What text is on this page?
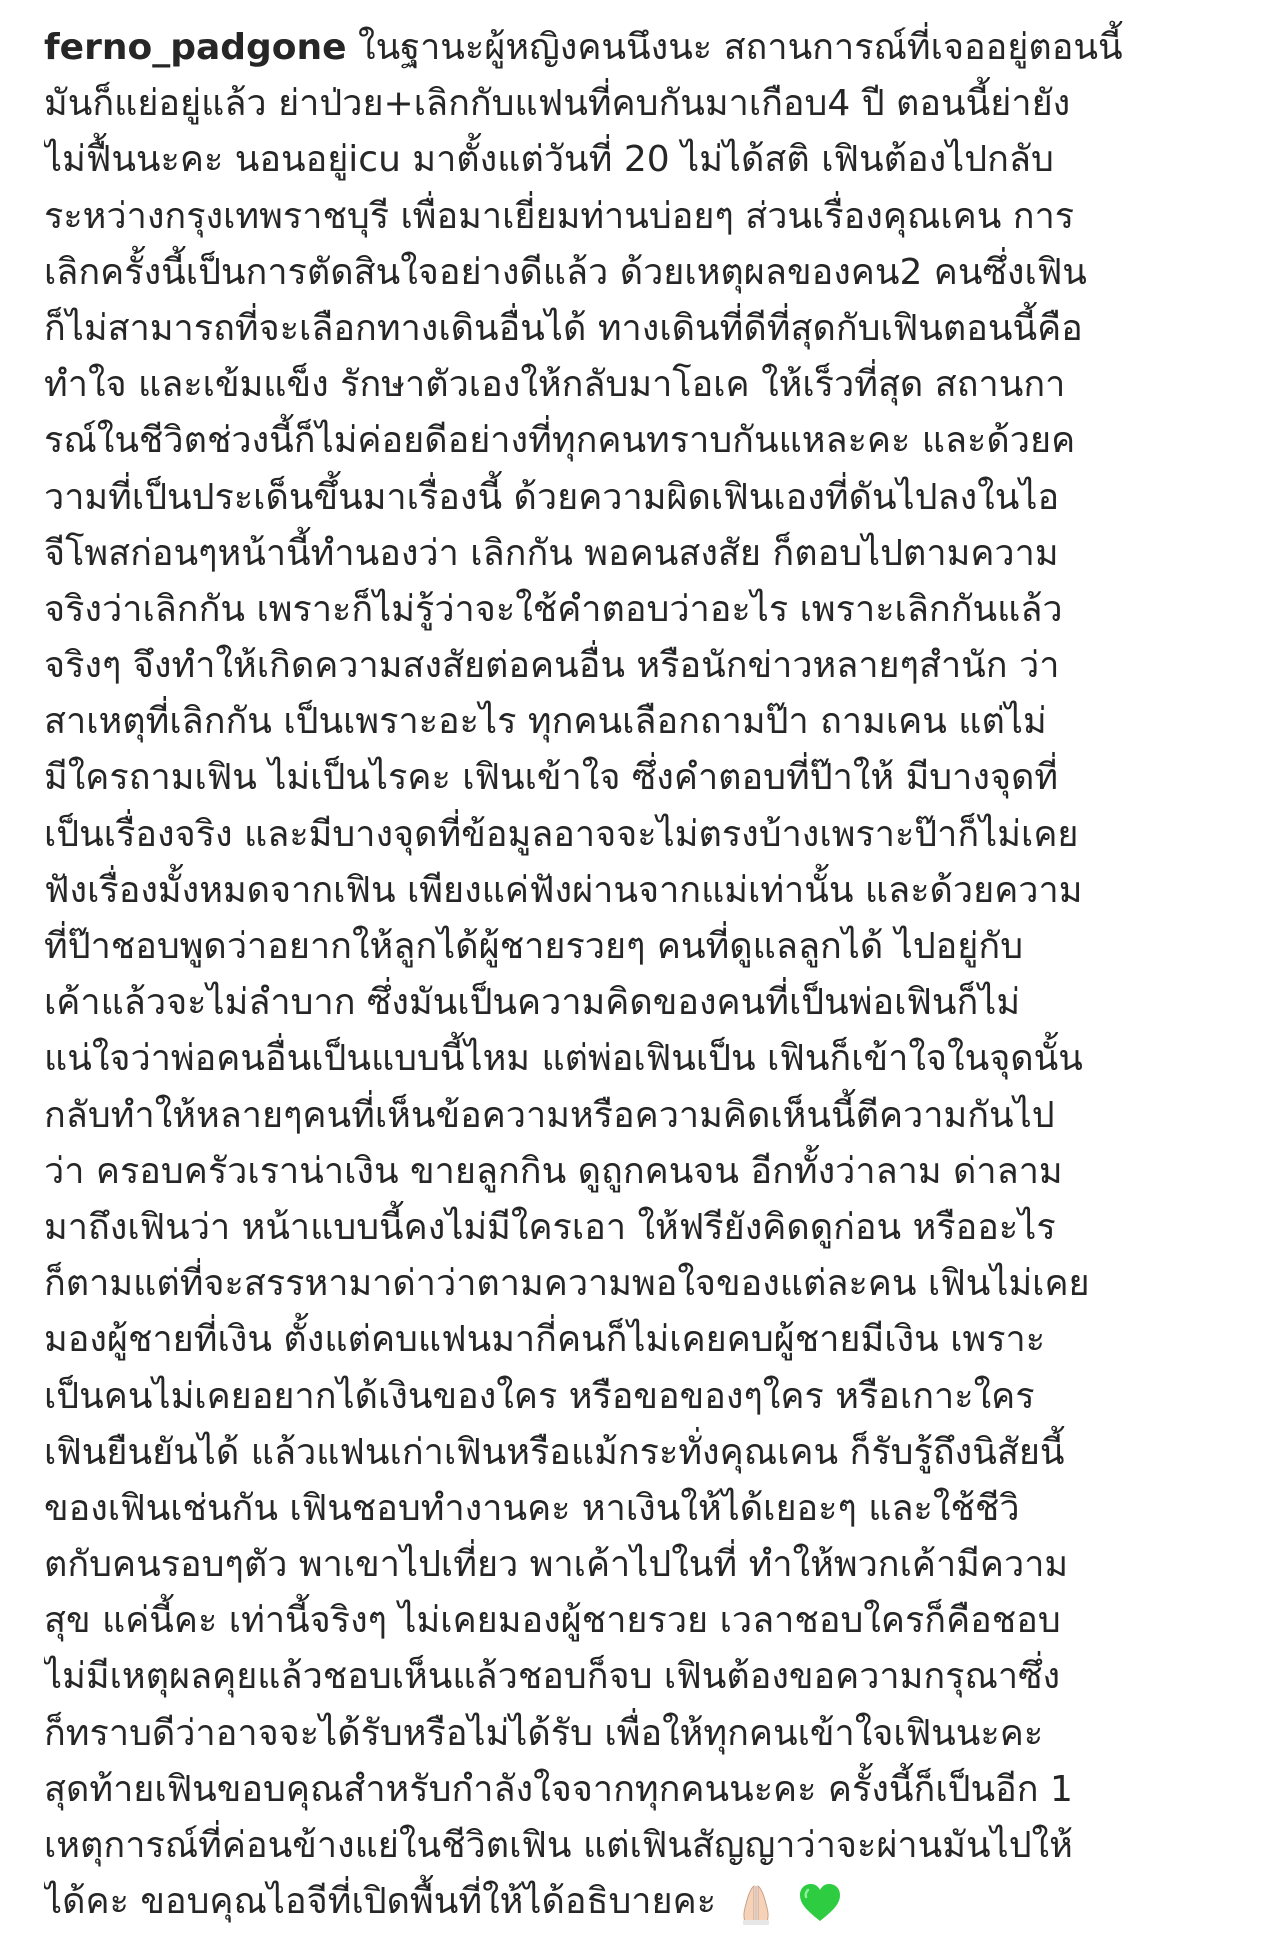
ferno_padgone ในฐานะผู้หญิงคนนึงนะ สถานการณ์ที่เจออยู่ตอนนี้
มันก็แย่อยู่แล้ว ย่าป่วย+เลิกกับแฟนที่คบกันมาเกือบ4 ปี ตอนนี้ย่ายัง
ไม่ฟื้นนะคะ นอนอยู่icu มาตั้งแต่วันที่ 20 ไม่ได้สติ เฟินต้องไปกลับ
ระหว่างกรุงเทพราชบุรี เพื่อมาเยี่ยมท่านบ่อยๆ ส่วนเรื่องคุณเคน การ
เลิกครั้งนี้เป็นการตัดสินใจอย่างดีแล้ว ด้วยเหตุผลของคน2 คนซึ่งเฟิน
ก็ไม่สามารถที่จะเลือกทางเดินอื่นได้ ทางเดินที่ดีที่สุดกับเฟินตอนนี้คือ
ทำใจ และเข้มแข็ง รักษาตัวเองให้กลับมาโอเค ให้เร็วที่สุด สถานกา
รณ์ในชีวิตช่วงนี้ก็ไม่ค่อยดีอย่างที่ทุกคนทราบกันแหละคะ และด้วยค
วามที่เป็นประเด็นขึ้นมาเรื่องนี้ ด้วยความผิดเฟินเองที่ดันไปลงในไอ
จีโพสก่อนๆหน้านี้ทำนองว่า เลิกกัน พอคนสงสัย ก็ตอบไปตามความ
จริงว่าเลิกกัน เพราะก็ไม่รู้ว่าจะใช้คำตอบว่าอะไร เพราะเลิกกันแล้ว
จริงๆ จึงทำให้เกิดความสงสัยต่อคนอื่น หรือนักข่าวหลายๆสำนัก ว่า
สาเหตุที่เลิกกัน เป็นเพราะอะไร ทุกคนเลือกถามป๊า ถามเคน แต่ไม่
มีใครถามเฟิน ไม่เป็นไรคะ เฟินเข้าใจ ซึ่งคำตอบที่ป๊าให้ มีบางจุดที่
เป็นเรื่องจริง และมีบางจุดที่ข้อมูลอาจจะไม่ตรงบ้างเพราะป๊าก็ไม่เคย
ฟังเรื่องมั้งหมดจากเฟิน เพียงแค่ฟังผ่านจากแม่เท่านั้น และด้วยความ
ที่ป๊าชอบพูดว่าอยากให้ลูกได้ผู้ชายรวยๆ คนที่ดูแลลูกได้ ไปอยู่กับ
เค้าแล้วจะไม่ลำบาก ซึ่งมันเป็นความคิดของคนที่เป็นพ่อเฟินก็ไม่
แน่ใจว่าพ่อคนอื่นเป็นแบบนี้ไหม แต่พ่อเฟินเป็น เฟินก็เข้าใจในจุดนั้น
กลับทำให้หลายๆคนที่เห็นข้อความหรือความคิดเห็นนี้ตีความกันไป
ว่า ครอบครัวเราน่าเงิน ขายลูกกิน ดูถูกคนจน อีกทั้งว่าลาม ด่าลาม
มาถึงเฟินว่า หน้าแบบนี้คงไม่มีใครเอา ให้ฟรียังคิดดูก่อน หรืออะไร
ก็ตามแต่ที่จะสรรหามาด่าว่าตามความพอใจของแต่ละคน เฟินไม่เคย
มองผู้ชายที่เงิน ตั้งแต่คบแฟนมากี่คนก็ไม่เคยคบผู้ชายมีเงิน เพราะ
เป็นคนไม่เคยอยากได้เงินของใคร หรือขอของๆใคร หรือเกาะใคร
เฟินยืนยันได้ แล้วแฟนเก่าเฟินหรือแม้กระทั่งคุณเคน ก็รับรู้ถึงนิสัยนี้
ของเฟินเช่นกัน เฟินชอบทำงานคะ หาเงินให้ได้เยอะๆ และใช้ชีวิ
ตกับคนรอบๆตัว พาเขาไปเที่ยว พาเค้าไปในที่ ทำให้พวกเค้ามีความ
สุข แค่นี้คะ เท่านี้จริงๆ ไม่เคยมองผู้ชายรวย เวลาชอบใครก็คือชอบ
ไม่มีเหตุผลคุยแล้วชอบเห็นแล้วชอบก็จบ เฟินต้องขอความกรุณาซึ่ง
ก็ทราบดีว่าอาจจะได้รับหรือไม่ได้รับ เพื่อให้ทุกคนเข้าใจเฟินนะคะ
สุดท้ายเฟินขอบคุณสำหรับกำลังใจจากทุกคนนะคะ ครั้งนี้ก็เป็นอีก 1
เหตุการณ์ที่ค่อนข้างแย่ในชีวิตเฟิน แต่เฟินสัญญาว่าจะผ่านมันไปให้
ได้คะ ขอบคุณไอจีที่เปิดพื้นที่ให้ได้อธิบายคะ
